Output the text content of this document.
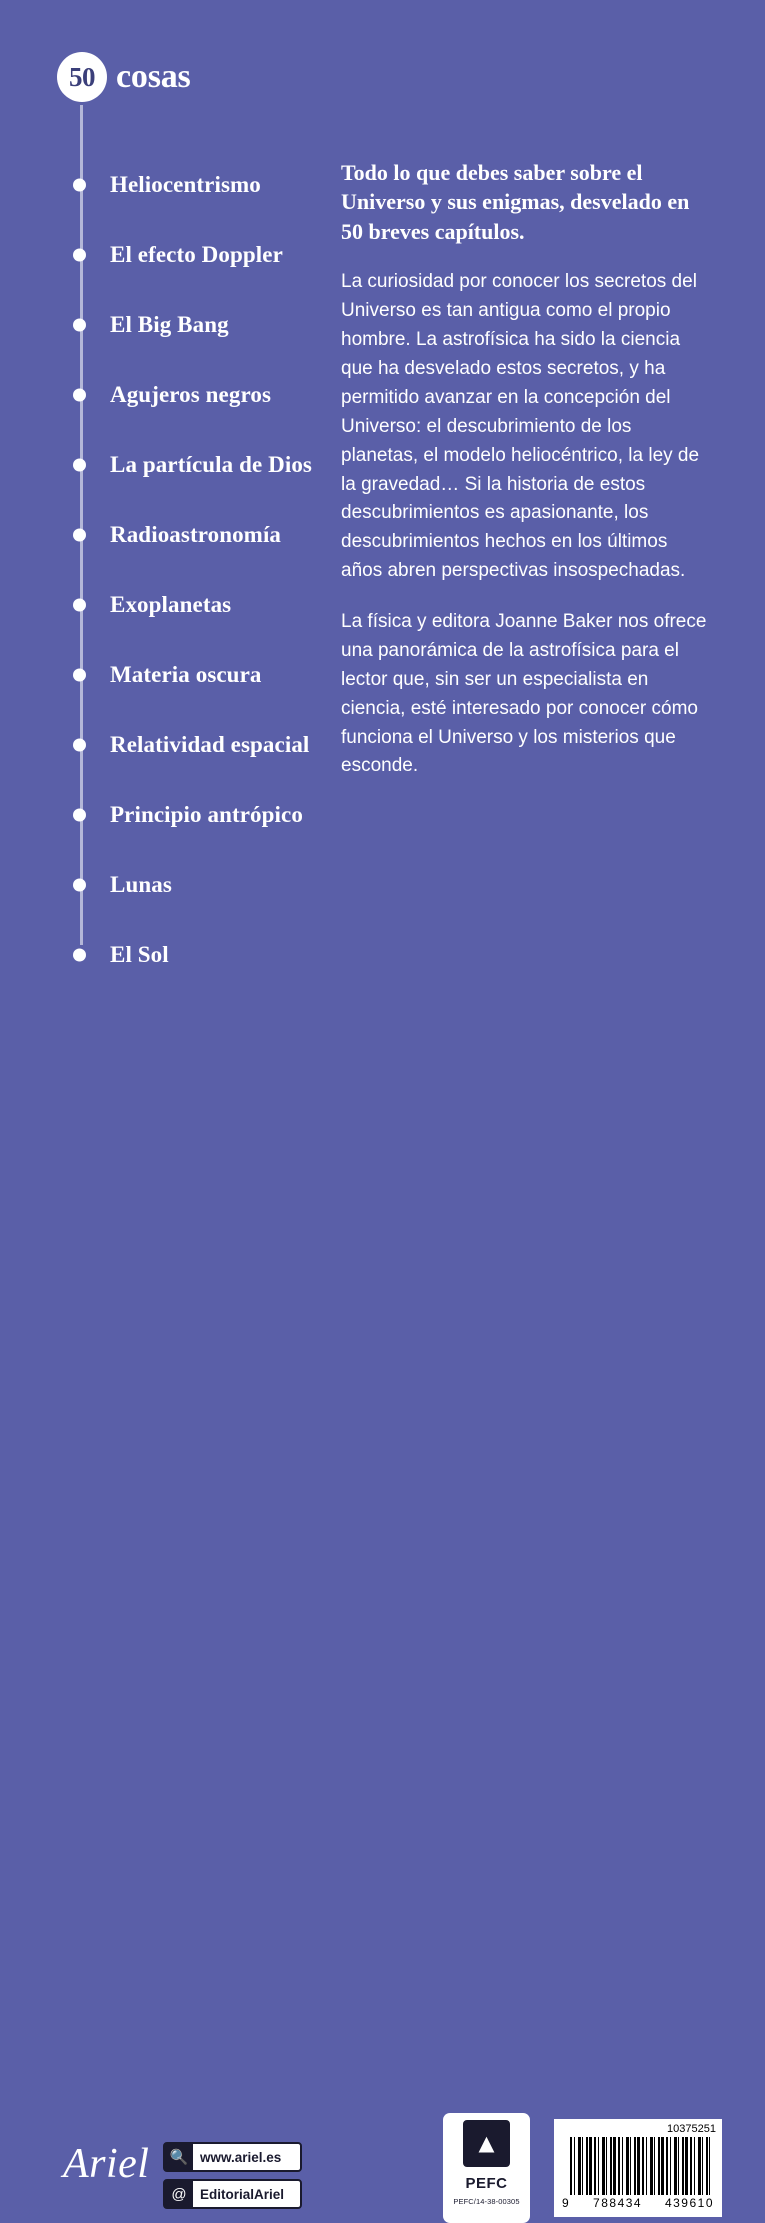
50 cosas
Heliocentrismo
El efecto Doppler
El Big Bang
Agujeros negros
La partícula de Dios
Radioastronomía
Exoplanetas
Materia oscura
Relatividad espacial
Principio antrópico
Lunas
El Sol

Todo lo que debes saber sobre el Universo y sus enigmas, desvelado en 50 breves capítulos.

La curiosidad por conocer los secretos del Universo es tan antigua como el propio hombre. La astrofísica ha sido la ciencia que ha desvelado estos secretos, y ha permitido avanzar en la concepción del Universo: el descubrimiento de los planetas, el modelo heliocéntrico, la ley de la gravedad… Si la historia de estos descubrimientos es apasionante, los descubrimientos hechos en los últimos años abren perspectivas insospechadas.

La física y editora Joanne Baker nos ofrece una panorámica de la astrofísica para el lector que, sin ser un especialista en ciencia, esté interesado por conocer cómo funciona el Universo y los misterios que esconde.

Ariel	🔍 www.ariel.es
@ EditorialAriel
▲
PEFC
PEFC/14-38-00305
10375251
9 788434 439610
